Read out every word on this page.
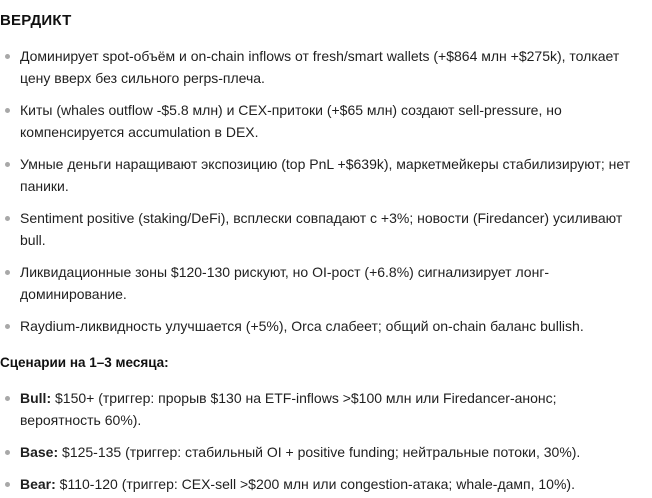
ВЕРДИКТ
Доминирует spot-объём и on-chain inflows от fresh/smart wallets (+$864 млн +$275k), толкает цену вверх без сильного perps-плеча.
Киты (whales outflow -$5.8 млн) и CEX-притоки (+$65 млн) создают sell-pressure, но компенсируется accumulation в DEX.
Умные деньги наращивают экспозицию (top PnL +$639k), маркетмейкеры стабилизируют; нет паники.
Sentiment positive (staking/DeFi), всплески совпадают с +3%; новости (Firedancer) усиливают bull.
Ликвидационные зоны $120-130 рискуют, но OI-рост (+6.8%) сигнализирует лонг-доминирование.
Raydium-ликвидность улучшается (+5%), Orca слабеет; общий on-chain баланс bullish.
Сценарии на 1–3 месяца:
Bull: $150+ (триггер: прорыв $130 на ETF-inflows >$100 млн или Firedancer-анонс; вероятность 60%).
Base: $125-135 (триггер: стабильный OI + positive funding; нейтральные потоки, 30%).
Bear: $110-120 (триггер: CEX-sell >$200 млн или congestion-атака; whale-дамп, 10%).
